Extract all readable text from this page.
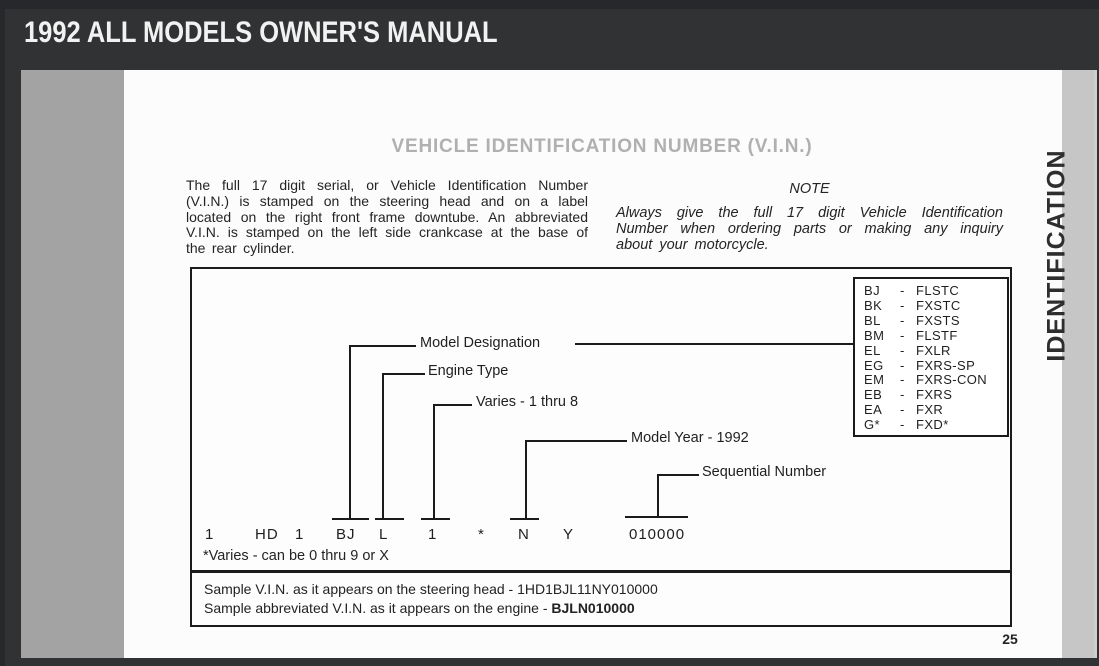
1992 ALL MODELS OWNER'S MANUAL
VEHICLE IDENTIFICATION NUMBER (V.I.N.)
The full 17 digit serial, or Vehicle Identification Number (V.I.N.) is stamped on the steering head and on a label located on the right front frame downtube. An abbreviated V.I.N. is stamped on the left side crankcase at the base of the rear cylinder.
NOTE
Always give the full 17 digit Vehicle Identification Number when ordering parts or making any inquiry about your motorcycle.
Model Designation
Engine Type
Varies - 1 thru 8
Model Year - 1992
Sequential Number
1	HD 1 BJ L	1	* N Y	010000
*Varies - can be 0 thru 9 or X
BJ	- FLSTC
BK	- FXSTC
BL	- FXSTS
BM	- FLSTF
EL	- FXLR
EG	- FXRS-SP
EM	- FXRS-CON
EB	- FXRS
EA	- FXR
G*	- FXD*
Sample V.I.N. as it appears on the steering head - 1HD1BJL11NY010000
Sample abbreviated V.I.N. as it appears on the engine - BJLN010000
25
IDENTIFICATION
